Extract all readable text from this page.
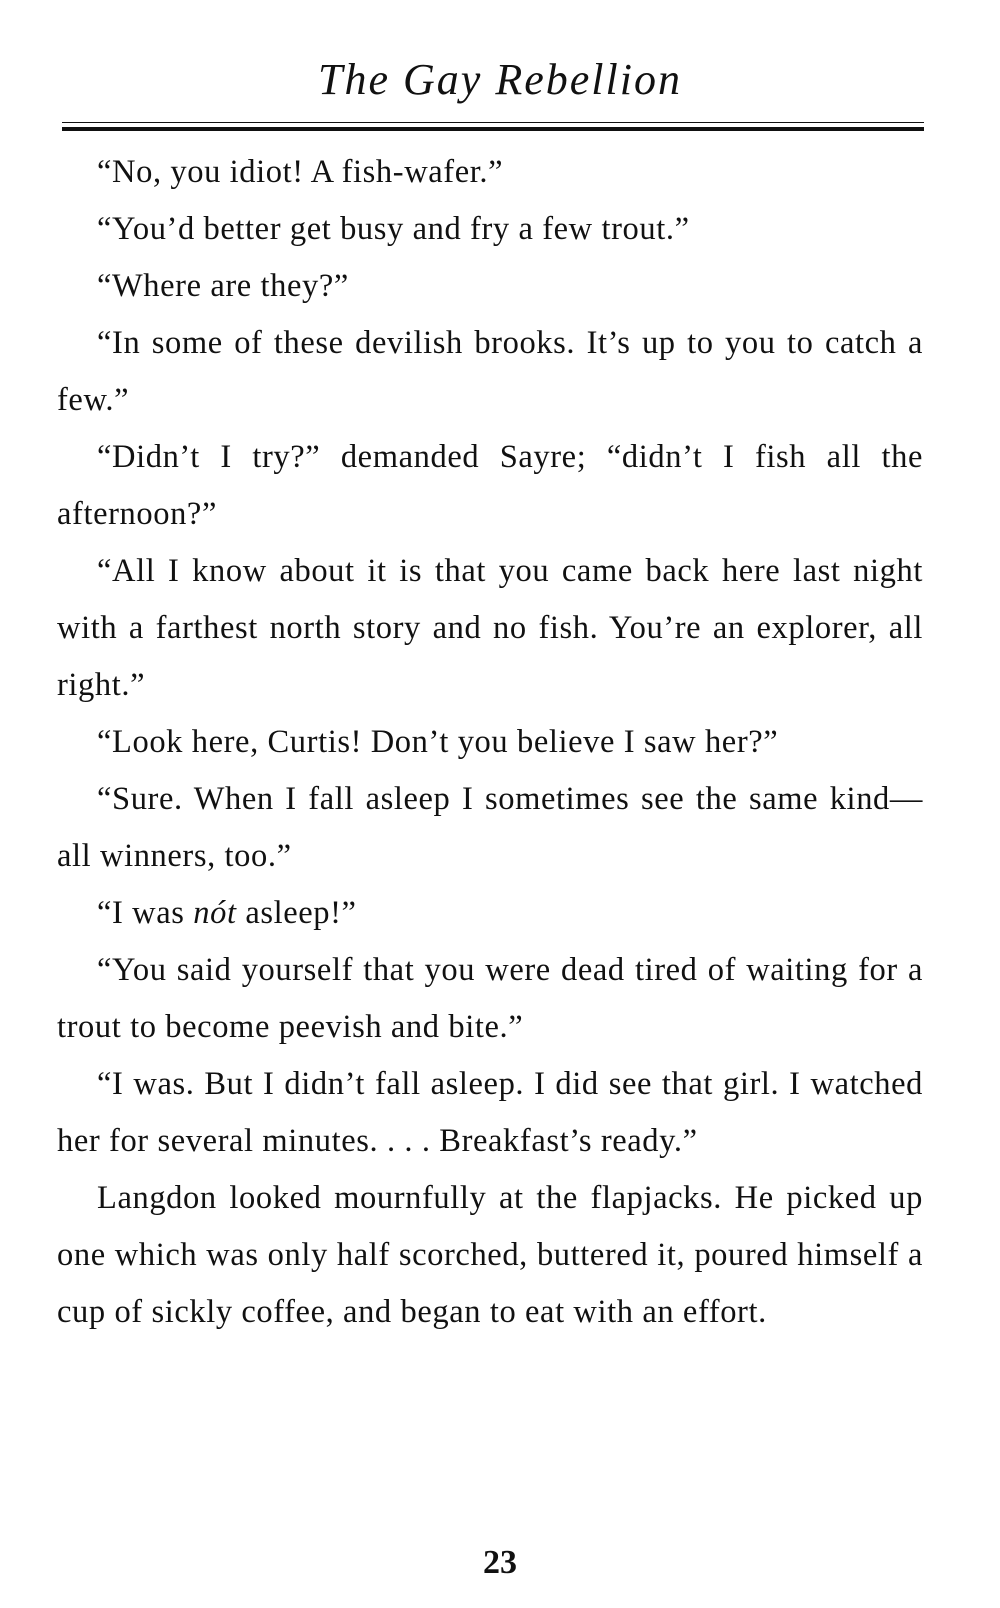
The Gay Rebellion

“No, you idiot! A fish-wafer.”

“You’d better get busy and fry a few trout.”

“Where are they?”

“In some of these devilish brooks. It’s up to you to catch a few.”

“Didn’t I try?” demanded Sayre; “didn’t I fish all the afternoon?”

“All I know about it is that you came back here last night with a farthest north story and no fish. You’re an explorer, all right.”

“Look here, Curtis! Don’t you believe I saw her?”

“Sure. When I fall asleep I sometimes see the same kind—all winners, too.”

“I was nót asleep!”

“You said yourself that you were dead tired of waiting for a trout to become peevish and bite.”

“I was. But I didn’t fall asleep. I did see that girl. I watched her for several minutes. . . . Breakfast’s ready.”

Langdon looked mournfully at the flapjacks. He picked up one which was only half scorched, buttered it, poured himself a cup of sickly coffee, and began to eat with an effort.

23
